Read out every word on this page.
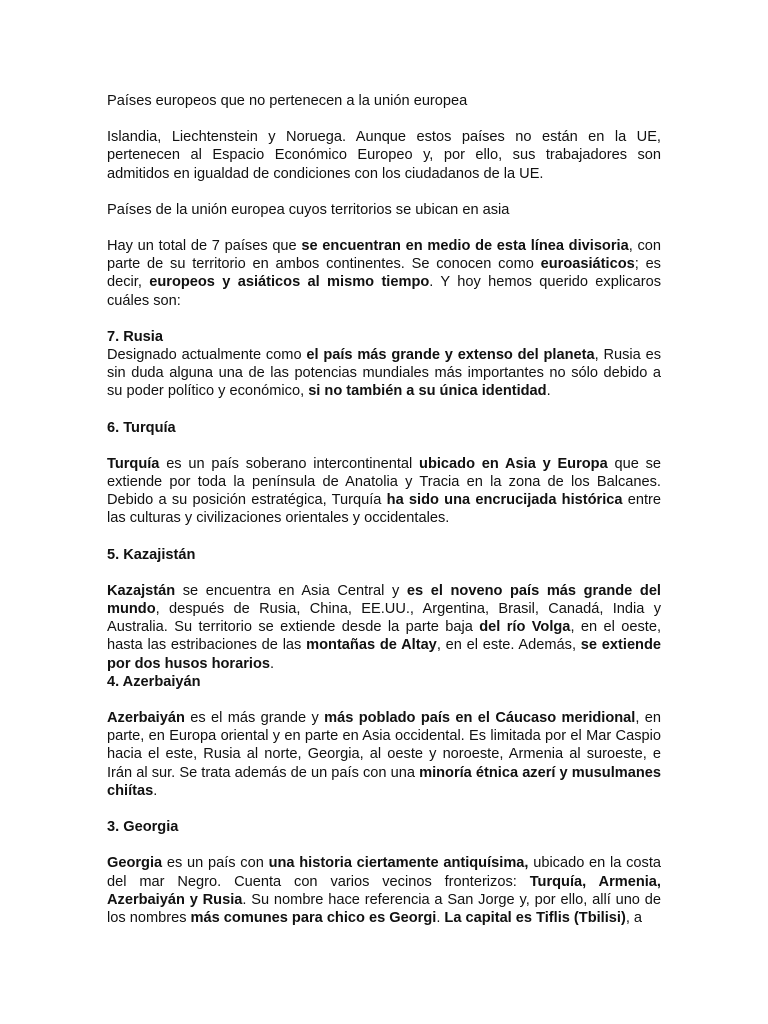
Países europeos que no pertenecen a la unión europea

Islandia, Liechtenstein y Noruega. Aunque estos países no están en la UE, pertenecen al Espacio Económico Europeo y, por ello, sus trabajadores son admitidos en igualdad de condiciones con los ciudadanos de la UE.

Países de la unión europea cuyos territorios se ubican en asia

Hay un total de 7 países que se encuentran en medio de esta línea divisoria, con parte de su territorio en ambos continentes. Se conocen como euroasiáticos; es decir, europeos y asiáticos al mismo tiempo. Y hoy hemos querido explicaros cuáles son:

7. Rusia

Designado actualmente como el país más grande y extenso del planeta, Rusia es sin duda alguna una de las potencias mundiales más importantes no sólo debido a su poder político y económico, si no también a su única identidad.

6. Turquía

Turquía es un país soberano intercontinental ubicado en Asia y Europa que se extiende por toda la península de Anatolia y Tracia en la zona de los Balcanes. Debido a su posición estratégica, Turquía ha sido una encrucijada histórica entre las culturas y civilizaciones orientales y occidentales.

5. Kazajistán

Kazajstán se encuentra en Asia Central y es el noveno país más grande del mundo, después de Rusia, China, EE.UU., Argentina, Brasil, Canadá, India y Australia. Su territorio se extiende desde la parte baja del río Volga, en el oeste, hasta las estribaciones de las montañas de Altay, en el este. Además, se extiende por dos husos horarios.

4. Azerbaiyán

Azerbaiyán es el más grande y más poblado país en el Cáucaso meridional, en parte, en Europa oriental y en parte en Asia occidental. Es limitada por el Mar Caspio hacia el este, Rusia al norte, Georgia, al oeste y noroeste, Armenia al suroeste, e Irán al sur. Se trata además de un país con una minoría étnica azerí y musulmanes chiítas.

3. Georgia

Georgia es un país con una historia ciertamente antiquísima, ubicado en la costa del mar Negro. Cuenta con varios vecinos fronterizos: Turquía, Armenia, Azerbaiyán y Rusia. Su nombre hace referencia a San Jorge y, por ello, allí uno de los nombres más comunes para chico es Georgi. La capital es Tiflis (Tbilisi), a
